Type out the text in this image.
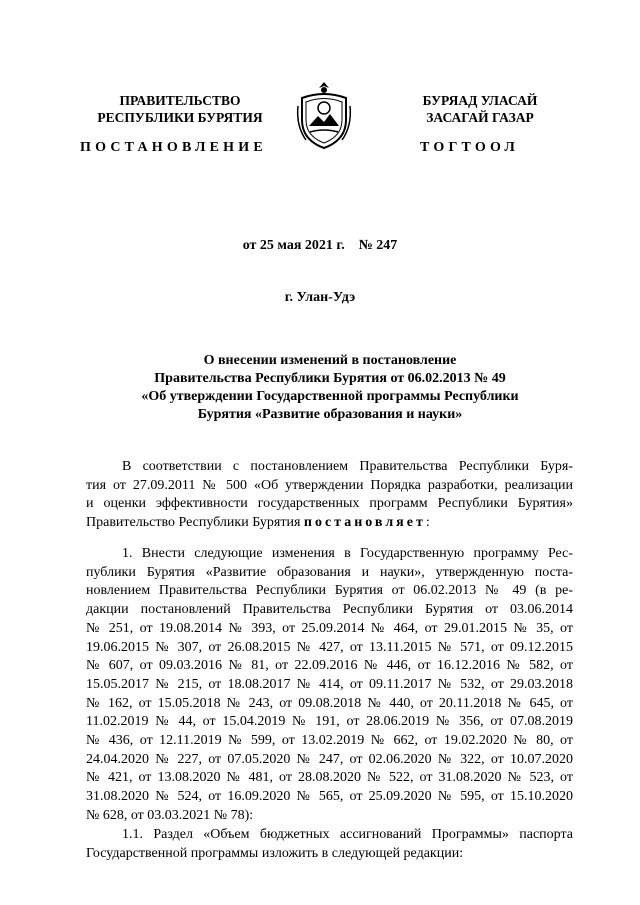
ПРАВИТЕЛЬСТВО
РЕСПУБЛИКИ БУРЯТИЯ
БУРЯАД УЛАСАЙ
ЗАСАГАЙ ГАЗАР
ПОСТАНОВЛЕНИЕ	ТОГТООЛ
от 25 мая 2021 г.    № 247
г. Улан-Удэ
О внесении изменений в постановление
Правительства Республики Бурятия от 06.02.2013 № 49
«Об утверждении Государственной программы Республики
Бурятия «Развитие образования и науки»
В соответствии с постановлением Правительства Республики Буря-
тия от 27.09.2011 № 500 «Об утверждении Порядка разработки, реализации
и оценки эффективности государственных программ Республики Бурятия»
Правительство Республики Бурятия постановляет:
1. Внести следующие изменения в Государственную программу Рес-
публики Бурятия «Развитие образования и науки», утвержденную поста-
новлением Правительства Республики Бурятия от 06.02.2013 № 49 (в ре-
дакции постановлений Правительства Республики Бурятия от 03.06.2014
№ 251, от 19.08.2014 № 393, от 25.09.2014 № 464, от 29.01.2015 № 35, от
19.06.2015 № 307, от 26.08.2015 № 427, от 13.11.2015 № 571, от 09.12.2015
№ 607, от 09.03.2016 № 81, от 22.09.2016 № 446, от 16.12.2016 № 582, от
15.05.2017 № 215, от 18.08.2017 № 414, от 09.11.2017 № 532, от 29.03.2018
№ 162, от 15.05.2018 № 243, от 09.08.2018 № 440, от 20.11.2018 № 645, от
11.02.2019 № 44, от 15.04.2019 № 191, от 28.06.2019 № 356, от 07.08.2019
№ 436, от 12.11.2019 № 599, от 13.02.2019 № 662, от 19.02.2020 № 80, от
24.04.2020 № 227, от 07.05.2020 № 247, от 02.06.2020 № 322, от 10.07.2020
№ 421, от 13.08.2020 № 481, от 28.08.2020 № 522, от 31.08.2020 № 523, от
31.08.2020 № 524, от 16.09.2020 № 565, от 25.09.2020 № 595, от 15.10.2020
№ 628, от 03.03.2021 № 78):
1.1. Раздел «Объем бюджетных ассигнований Программы» паспорта
Государственной программы изложить в следующей редакции:
